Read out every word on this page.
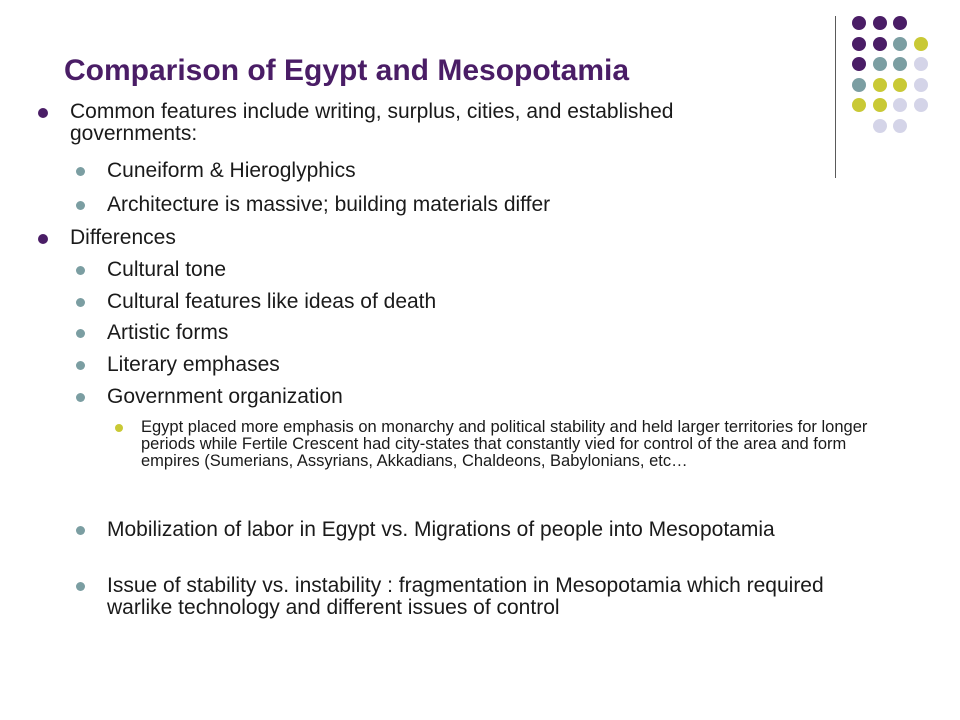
Comparison of Egypt and Mesopotamia
Common features include writing, surplus, cities, and established governments:
Cuneiform & Hieroglyphics
Architecture is massive; building materials differ
Differences
Cultural tone
Cultural features like ideas of death
Artistic forms
Literary emphases
Government organization
Egypt placed more emphasis on monarchy and political stability and held larger territories for longer periods while Fertile Crescent had city-states that constantly vied for control of the area and form empires (Sumerians, Assyrians, Akkadians, Chaldeons, Babylonians, etc…
Mobilization of labor in Egypt vs. Migrations of people into Mesopotamia
Issue of stability vs. instability : fragmentation in Mesopotamia which required warlike technology and different issues of control
